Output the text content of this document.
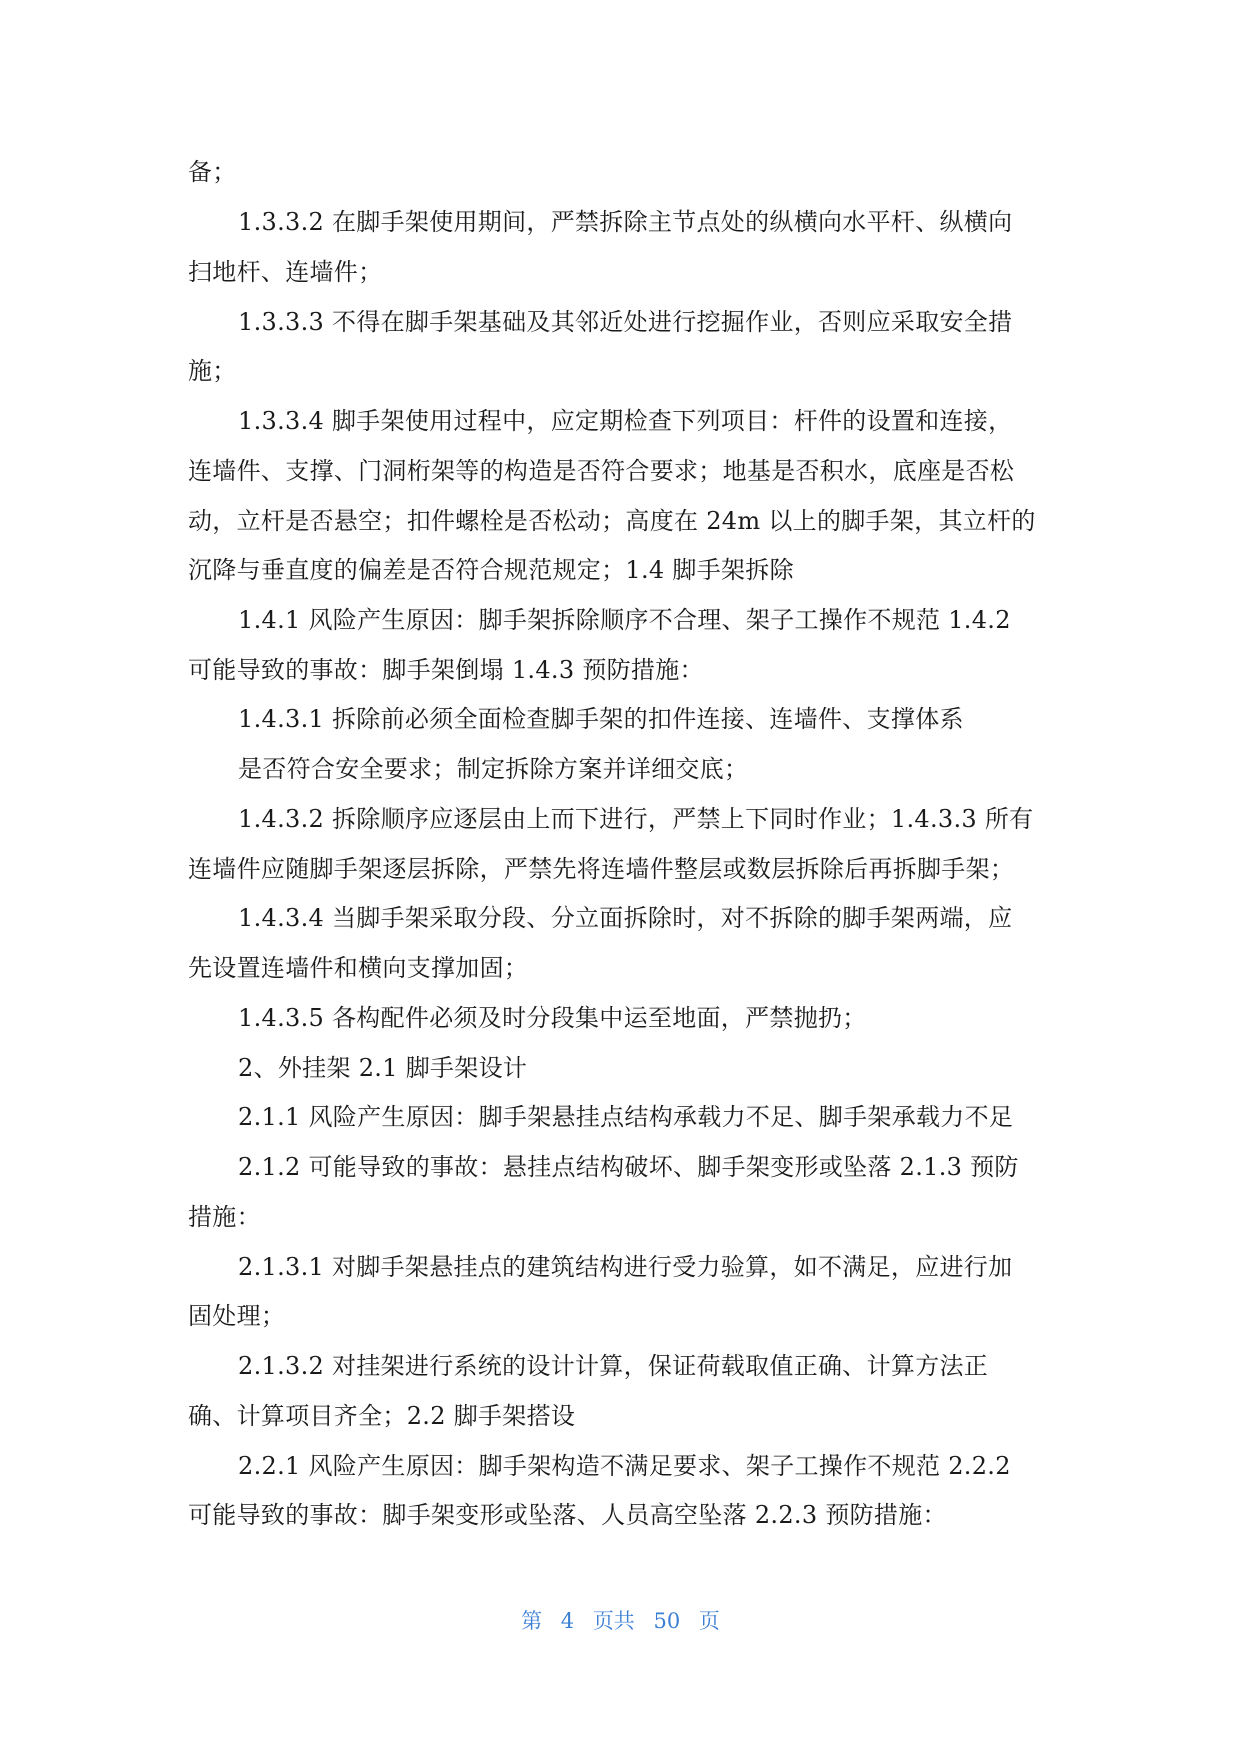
备；
1.3.3.2 在脚手架使用期间，严禁拆除主节点处的纵横向水平杆、纵横向
扫地杆、连墙件；
1.3.3.3 不得在脚手架基础及其邻近处进行挖掘作业，否则应采取安全措
施；
1.3.3.4 脚手架使用过程中，应定期检查下列项目：杆件的设置和连接，
连墙件、支撑、门洞桁架等的构造是否符合要求；地基是否积水，底座是否松
动，立杆是否悬空；扣件螺栓是否松动；高度在 24m 以上的脚手架，其立杆的
沉降与垂直度的偏差是否符合规范规定；1.4 脚手架拆除
1.4.1 风险产生原因：脚手架拆除顺序不合理、架子工操作不规范 1.4.2
可能导致的事故：脚手架倒塌 1.4.3 预防措施：
1.4.3.1 拆除前必须全面检查脚手架的扣件连接、连墙件、支撑体系
是否符合安全要求；制定拆除方案并详细交底；
1.4.3.2 拆除顺序应逐层由上而下进行，严禁上下同时作业；1.4.3.3 所有
连墙件应随脚手架逐层拆除，严禁先将连墙件整层或数层拆除后再拆脚手架；
1.4.3.4 当脚手架采取分段、分立面拆除时，对不拆除的脚手架两端，应
先设置连墙件和横向支撑加固；
1.4.3.5 各构配件必须及时分段集中运至地面，严禁抛扔；
2、外挂架 2.1 脚手架设计
2.1.1 风险产生原因：脚手架悬挂点结构承载力不足、脚手架承载力不足
2.1.2 可能导致的事故：悬挂点结构破坏、脚手架变形或坠落 2.1.3 预防
措施：
2.1.3.1 对脚手架悬挂点的建筑结构进行受力验算，如不满足，应进行加
固处理；
2.1.3.2 对挂架进行系统的设计计算，保证荷载取值正确、计算方法正
确、计算项目齐全；2.2 脚手架搭设
2.2.1 风险产生原因：脚手架构造不满足要求、架子工操作不规范 2.2.2
可能导致的事故：脚手架变形或坠落、人员高空坠落 2.2.3 预防措施：
第 4 页共 50 页
